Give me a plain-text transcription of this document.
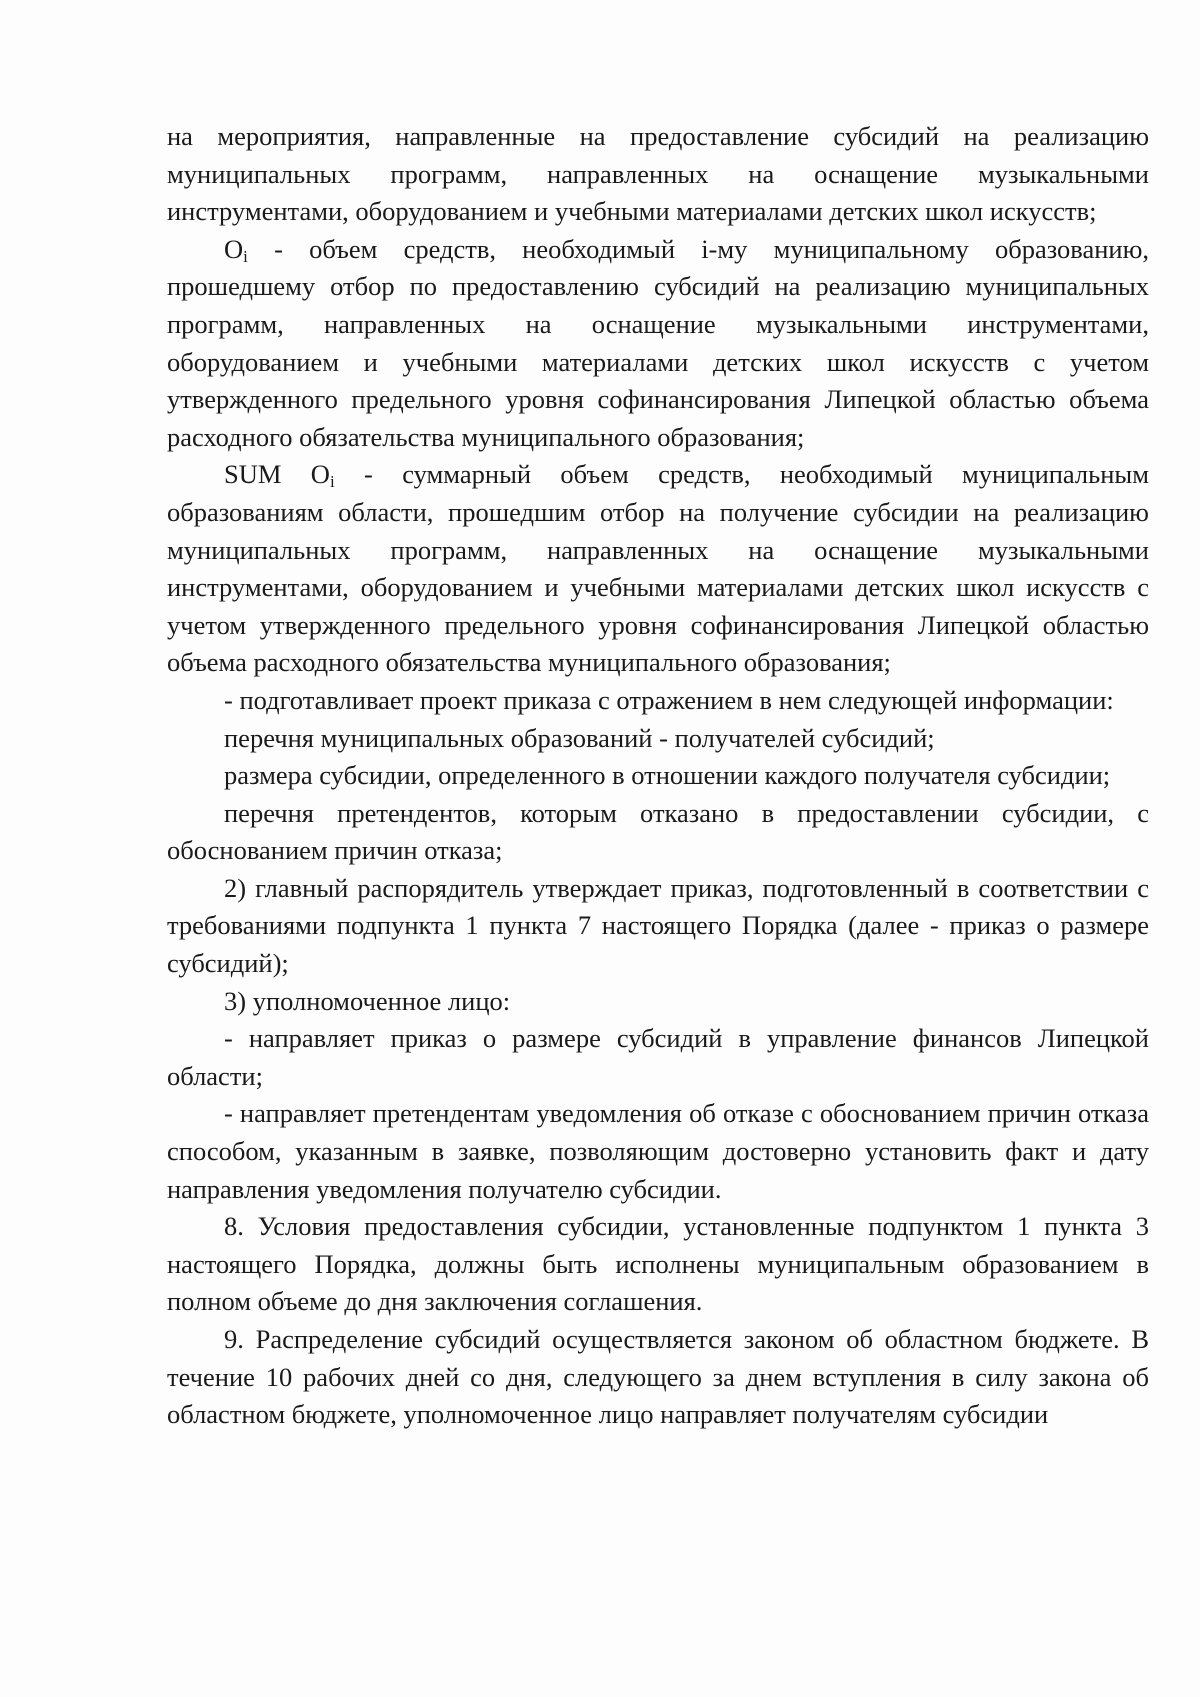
на мероприятия, направленные на предоставление субсидий на реализацию муниципальных программ, направленных на оснащение музыкальными инструментами, оборудованием и учебными материалами детских школ искусств;

$O_i$ - объем средств, необходимый i-му муниципальному образованию, прошедшему отбор по предоставлению субсидий на реализацию муниципальных программ, направленных на оснащение музыкальными инструментами, оборудованием и учебными материалами детских школ искусств с учетом утвержденного предельного уровня софинансирования Липецкой областью объема расходного обязательства муниципального образования;

SUM $O_i$ - суммарный объем средств, необходимый муниципальным образованиям области, прошедшим отбор на получение субсидии на реализацию муниципальных программ, направленных на оснащение музыкальными инструментами, оборудованием и учебными материалами детских школ искусств с учетом утвержденного предельного уровня софинансирования Липецкой областью объема расходного обязательства муниципального образования;

- подготавливает проект приказа с отражением в нем следующей информации:

перечня муниципальных образований - получателей субсидий;

размера субсидии, определенного в отношении каждого получателя субсидии;

перечня претендентов, которым отказано в предоставлении субсидии, с обоснованием причин отказа;

2) главный распорядитель утверждает приказ, подготовленный в соответствии с требованиями подпункта 1 пункта 7 настоящего Порядка (далее - приказ о размере субсидий);

3) уполномоченное лицо:

- направляет приказ о размере субсидий в управление финансов Липецкой области;

- направляет претендентам уведомления об отказе с обоснованием причин отказа способом, указанным в заявке, позволяющим достоверно установить факт и дату направления уведомления получателю субсидии.

8. Условия предоставления субсидии, установленные подпунктом 1 пункта 3 настоящего Порядка, должны быть исполнены муниципальным образованием в полном объеме до дня заключения соглашения.

9. Распределение субсидий осуществляется законом об областном бюджете. В течение 10 рабочих дней со дня, следующего за днем вступления в силу закона об областном бюджете, уполномоченное лицо направляет получателям субсидии
